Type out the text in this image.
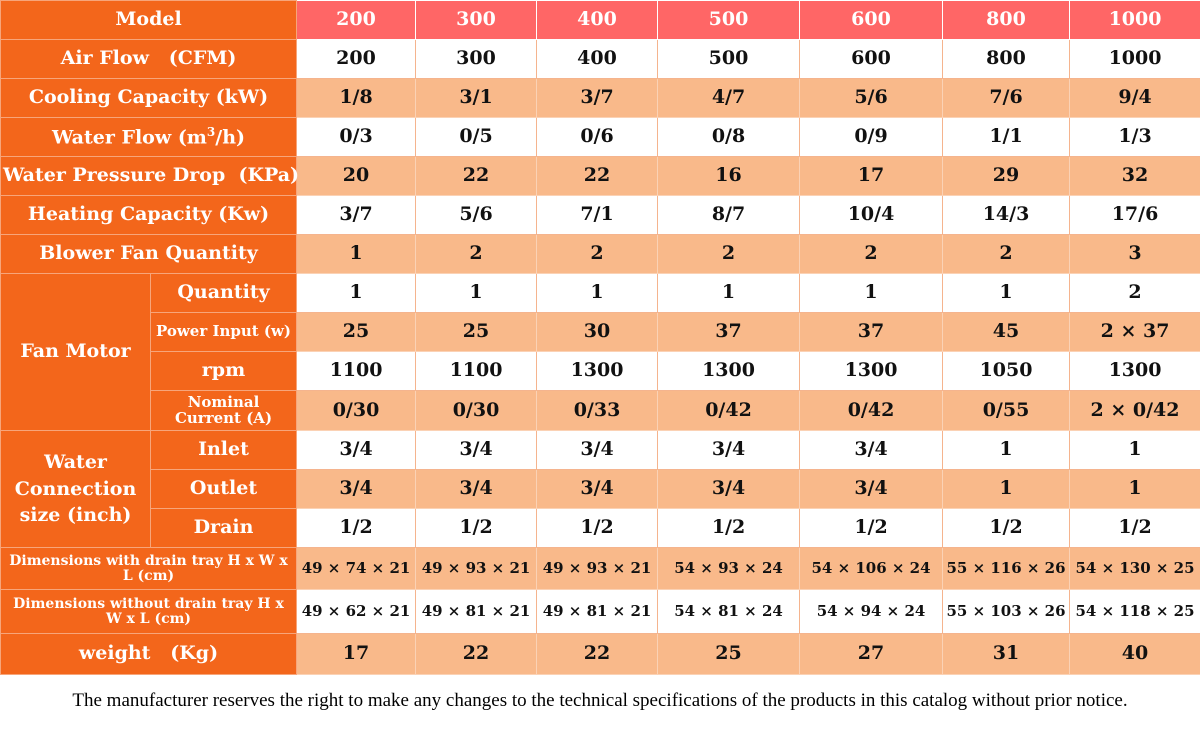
Model		200	300	400	500	600	800	1000
Air Flow   (CFM)		200	300	400	500	600	800	1000
Cooling Capacity (kW)		1/8	3/1	3/7	4/7	5/6	7/6	9/4
Water Flow $(m^3/h)$		0/3	0/5	0/6	0/8	0/9	1/1	1/3
Water Pressure Drop  (KPa)		20	22	22	16	17	29	32
Heating Capacity (Kw)		3/7	5/6	7/1	8/7	10/4	14/3	17/6
Blower Fan Quantity		1	2	2	2	2	2	3
Fan Motor	Quantity	1	1	1	1	1	1	2
	Power Input (w)	25	25	30	37	37	45	2 × 37
	rpm	1100	1100	1300	1300	1300	1050	1300
	Nominal Current (A)	0/30	0/30	0/33	0/42	0/42	0/55	2 × 0/42
Water Connection size (inch)	Inlet	3/4	3/4	3/4	3/4	3/4	1	1
	Outlet	3/4	3/4	3/4	3/4	3/4	1	1
	Drain	1/2	1/2	1/2	1/2	1/2	1/2	1/2
Dimensions with drain tray H x W x L (cm)		49 × 74 × 21	49 × 93 × 21	49 × 93 × 21	54 × 93 × 24	54 × 106 × 24	55 × 116 × 26	54 × 130 × 25
Dimensions without drain tray H x W x L (cm)		49 × 62 × 21	49 × 81 × 21	49 × 81 × 21	54 × 81 × 24	54 × 94 × 24	55 × 103 × 26	54 × 118 × 25
weight   (Kg)		17	22	22	25	27	31	40
The manufacturer reserves the right to make any changes to the technical specifications of the products in this catalog without prior notice.
